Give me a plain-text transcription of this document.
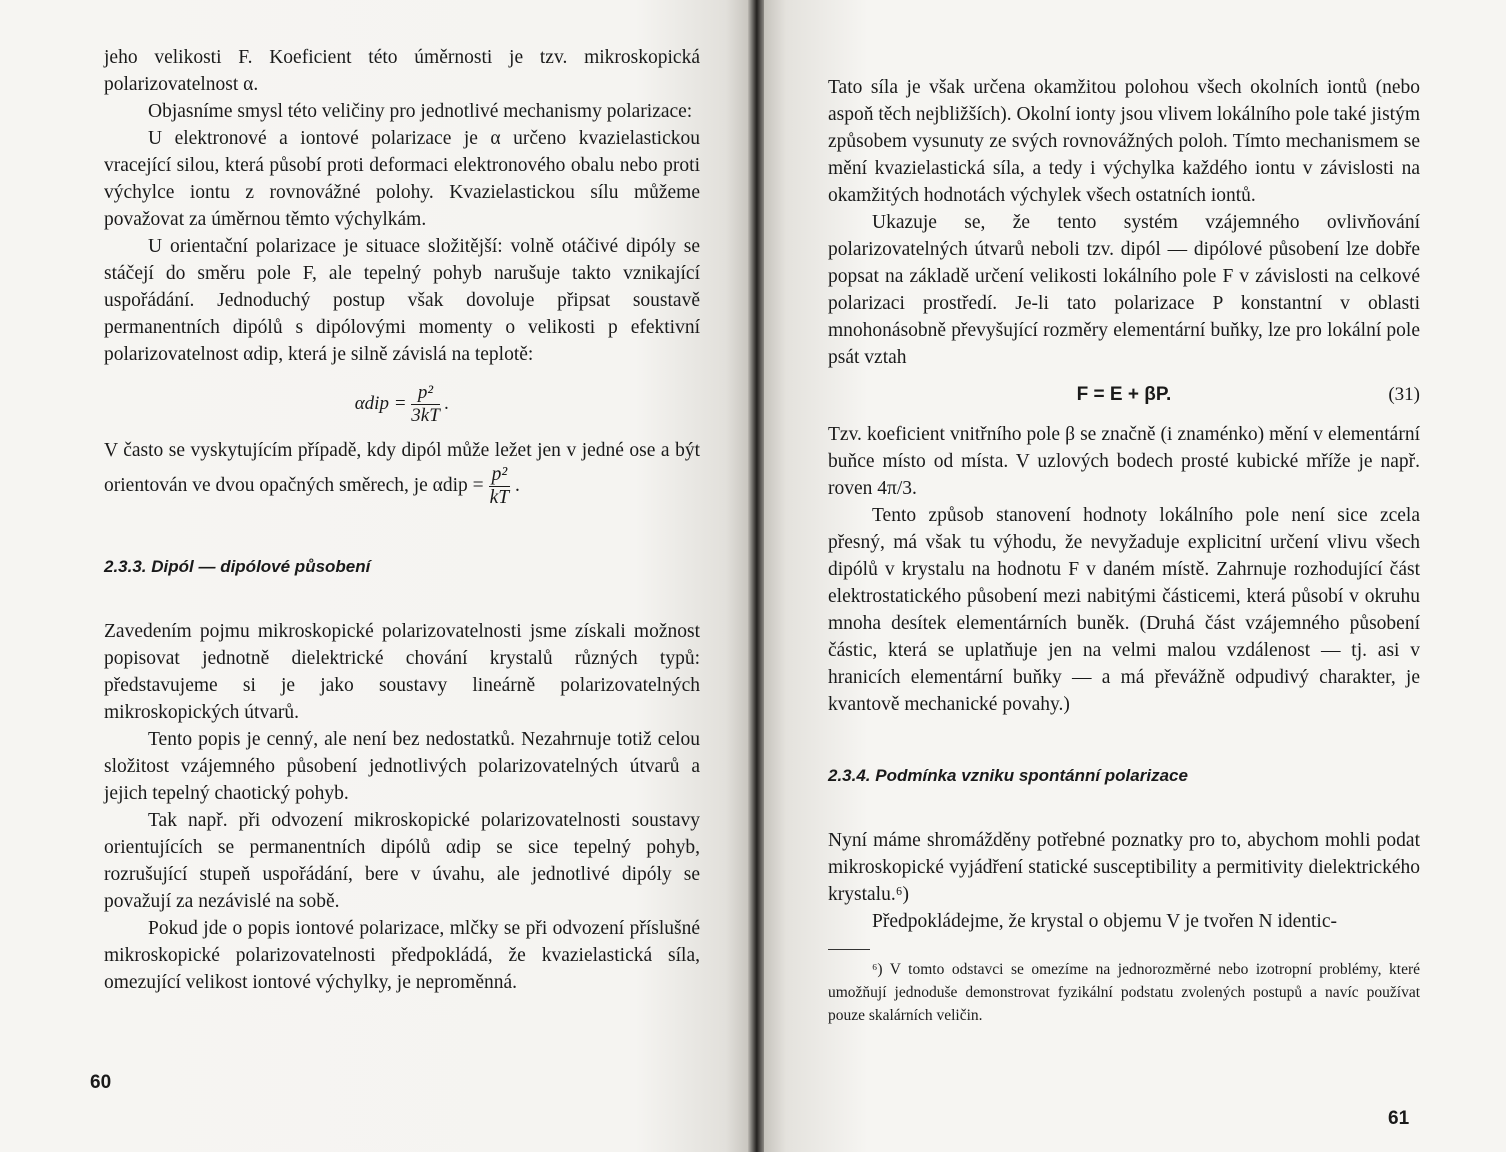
jeho velikosti F. Koeficient této úměrnosti je tzv. mikroskopická polarizovatelnost α.

Objasníme smysl této veličiny pro jednotlivé mechanismy polarizace:

U elektronové a iontové polarizace je α určeno kvazielastickou vracející silou, která působí proti deformaci elektronového obalu nebo proti výchylce iontu z rovnovážné polohy. Kvazielastickou sílu můžeme považovat za úměrnou těmto výchylkám.

U orientační polarizace je situace složitější: volně otáčivé dipóly se stáčejí do směru pole F, ale tepelný pohyb narušuje takto vznikající uspořádání. Jednoduchý postup však dovoluje připsat soustavě permanentních dipólů s dipólovými momenty o velikosti p efektivní polarizovatelnost αdip, která je silně závislá na teplotě:

$\alpha dip = \frac{\text{p²}}{3kT}$ .

V často se vyskytujícím případě, kdy dipól může ležet jen v jedné ose a být orientován ve dvou opačných směrech, je $\alpha dip = \frac{\text{p²}}{kT}$ .

2.3.3. Dipól — dipólové působení

Zavedením pojmu mikroskopické polarizovatelnosti jsme získali možnost popisovat jednotně dielektrické chování krystalů různých typů: představujeme si je jako soustavy lineárně polarizovatelných mikroskopických útvarů.

Tento popis je cenný, ale není bez nedostatků. Nezahrnuje totiž celou složitost vzájemného působení jednotlivých polarizovatelných útvarů a jejich tepelný chaotický pohyb.

Tak např. při odvození mikroskopické polarizovatelnosti soustavy orientujících se permanentních dipólů αdip se sice tepelný pohyb, rozrušující stupeň uspořádání, bere v úvahu, ale jednotlivé dipóly se považují za nezávislé na sobě.

Pokud jde o popis iontové polarizace, mlčky se při odvození příslušné mikroskopické polarizovatelnosti předpokládá, že kvazielastická síla, omezující velikost iontové výchylky, je neproměnná.

60

Tato síla je však určena okamžitou polohou všech okolních iontů (nebo aspoň těch nejbližších). Okolní ionty jsou vlivem lokálního pole také jistým způsobem vysunuty ze svých rovnovážných poloh. Tímto mechanismem se mění kvazielastická síla, a tedy i výchylka každého iontu v závislosti na okamžitých hodnotách výchylek všech ostatních iontů.

Ukazuje se, že tento systém vzájemného ovlivňování polarizovatelných útvarů neboli tzv. dipól — dipólové působení lze dobře popsat na základě určení velikosti lokálního pole F v závislosti na celkové polarizaci prostředí. Je-li tato polarizace P konstantní v oblasti mnohonásobně převyšující rozměry elementární buňky, lze pro lokální pole psát vztah

F = E + βP.	(31)

Tzv. koeficient vnitřního pole β se značně (i znaménko) mění v elementární buňce místo od místa. V uzlových bodech prosté kubické mříže je např. roven 4π/3.

Tento způsob stanovení hodnoty lokálního pole není sice zcela přesný, má však tu výhodu, že nevyžaduje explicitní určení vlivu všech dipólů v krystalu na hodnotu F v daném místě. Zahrnuje rozhodující část elektrostatického působení mezi nabitými částicemi, která působí v okruhu mnoha desítek elementárních buněk. (Druhá část vzájemného působení částic, která se uplatňuje jen na velmi malou vzdálenost — tj. asi v hranicích elementární buňky — a má převážně odpudivý charakter, je kvantově mechanické povahy.)

2.3.4. Podmínka vzniku spontánní polarizace

Nyní máme shromážděny potřebné poznatky pro to, abychom mohli podat mikroskopické vyjádření statické susceptibility a permitivity dielektrického krystalu.⁶)

Předpokládejme, že krystal o objemu V je tvořen N identic-

⁶) V tomto odstavci se omezíme na jednorozměrné nebo izotropní problémy, které umožňují jednoduše demonstrovat fyzikální podstatu zvolených postupů a navíc používat pouze skalárních veličin.

61
